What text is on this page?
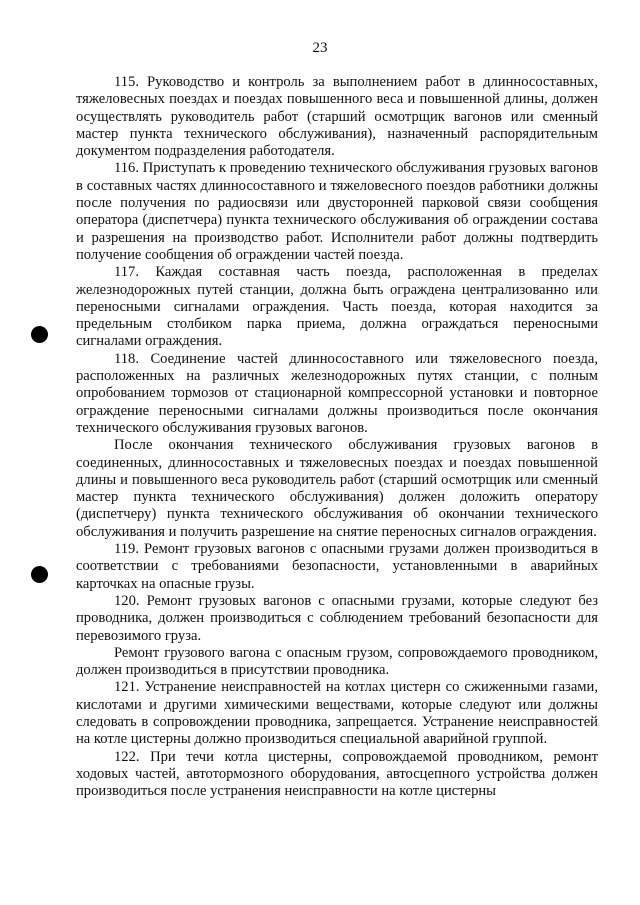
23

115. Руководство и контроль за выполнением работ в длинносоставных, тяжеловесных поездах и поездах повышенного веса и повышенной длины, должен осуществлять руководитель работ (старший осмотрщик вагонов или сменный мастер пункта технического обслуживания), назначенный распорядительным документом подразделения работодателя.

116. Приступать к проведению технического обслуживания грузовых вагонов в составных частях длинносоставного и тяжеловесного поездов работники должны после получения по радиосвязи или двусторонней парковой связи сообщения оператора (диспетчера) пункта технического обслуживания об ограждении состава и разрешения на производство работ. Исполнители работ должны подтвердить получение сообщения об ограждении частей поезда.

117. Каждая составная часть поезда, расположенная в пределах железнодорожных путей станции, должна быть ограждена централизованно или переносными сигналами ограждения. Часть поезда, которая находится за предельным столбиком парка приема, должна ограждаться переносными сигналами ограждения.

118. Соединение частей длинносоставного или тяжеловесного поезда, расположенных на различных железнодорожных путях станции, с полным опробованием тормозов от стационарной компрессорной установки и повторное ограждение переносными сигналами должны производиться после окончания технического обслуживания грузовых вагонов.

После окончания технического обслуживания грузовых вагонов в соединенных, длинносоставных и тяжеловесных поездах и поездах повышенной длины и повышенного веса руководитель работ (старший осмотрщик или сменный мастер пункта технического обслуживания) должен доложить оператору (диспетчеру) пункта технического обслуживания об окончании технического обслуживания и получить разрешение на снятие переносных сигналов ограждения.

119. Ремонт грузовых вагонов с опасными грузами должен производиться в соответствии с требованиями безопасности, установленными в аварийных карточках на опасные грузы.

120. Ремонт грузовых вагонов с опасными грузами, которые следуют без проводника, должен производиться с соблюдением требований безопасности для перевозимого груза.

Ремонт грузового вагона с опасным грузом, сопровождаемого проводником, должен производиться в присутствии проводника.

121. Устранение неисправностей на котлах цистерн со сжиженными газами, кислотами и другими химическими веществами, которые следуют или должны следовать в сопровождении проводника, запрещается. Устранение неисправностей на котле цистерны должно производиться специальной аварийной группой.

122. При течи котла цистерны, сопровождаемой проводником, ремонт ходовых частей, автотормозного оборудования, автосцепного устройства должен производиться после устранения неисправности на котле цистерны
